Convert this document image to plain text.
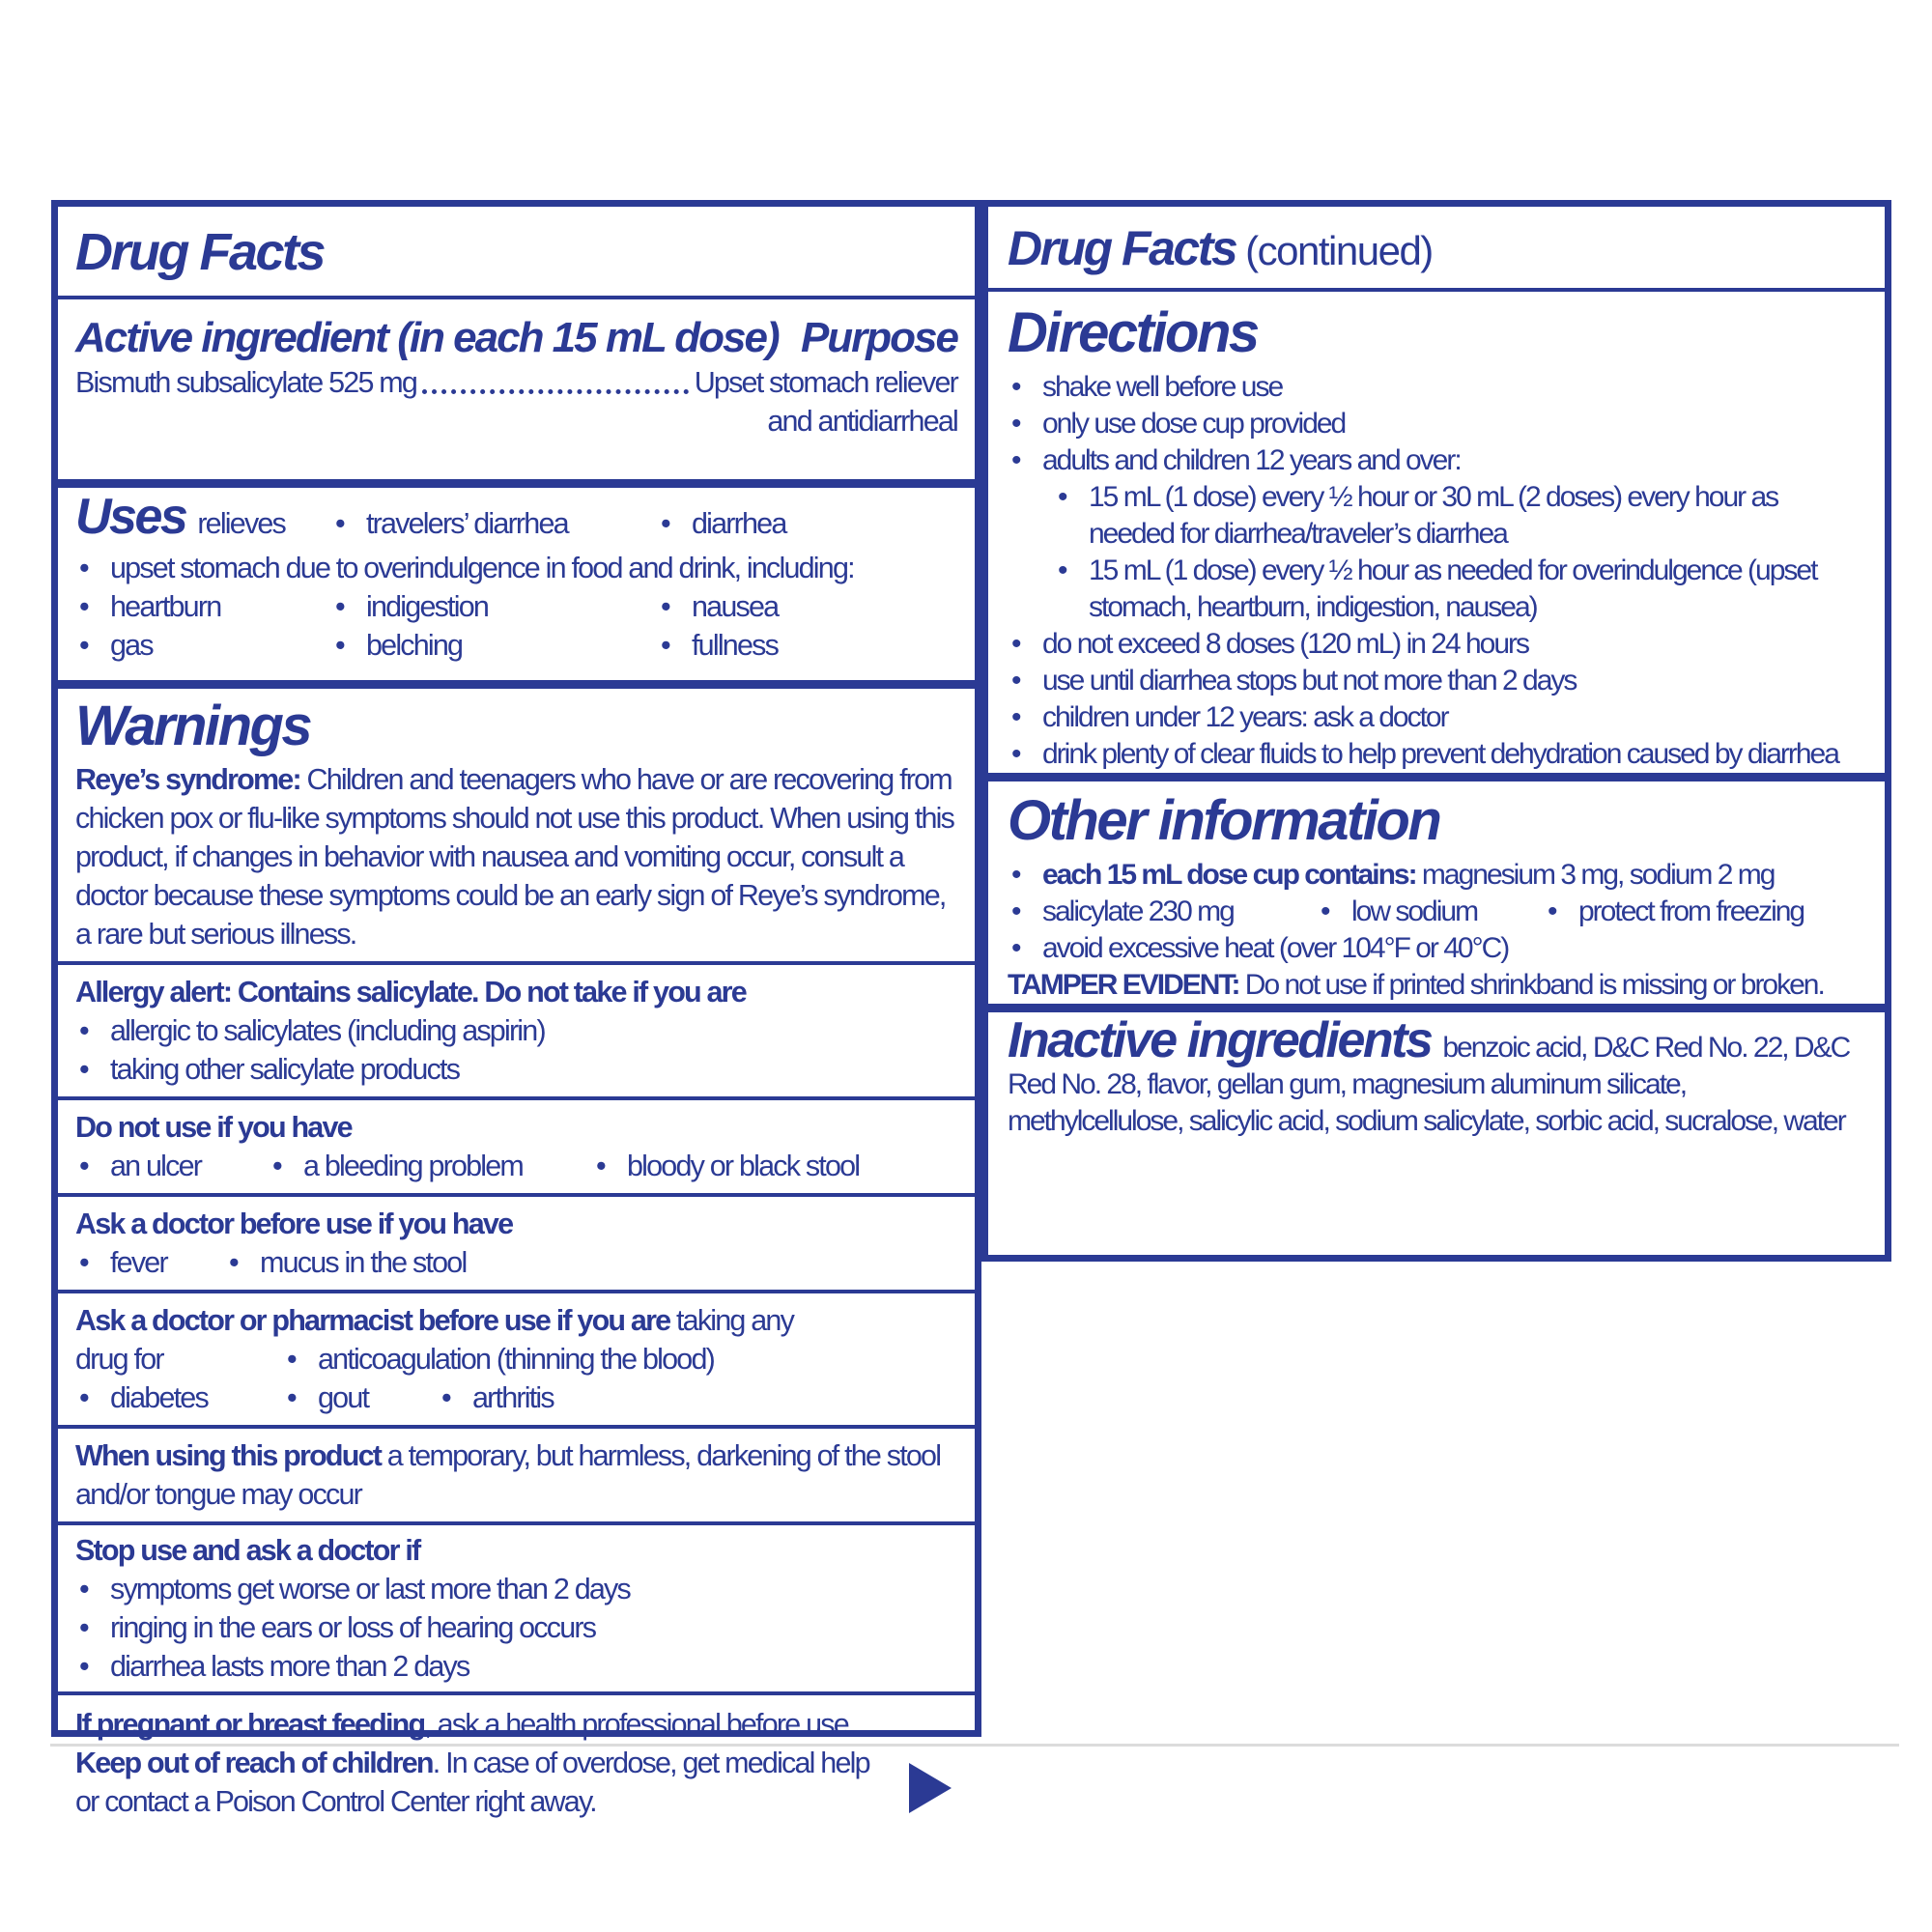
Drug Facts
Active ingredient (in each 15 mL dose) Purpose
Bismuth subsalicylate 525 mg	Upset stomach reliever
and antidiarrheal
Uses relieves	• travelers’ diarrhea	• diarrhea
• upset stomach due to overindulgence in food and drink, including:
• heartburn	• indigestion	• nausea
• gas	• belching	• fullness
Warnings

Reye’s syndrome: Children and teenagers who have or are recovering from chicken pox or flu-like symptoms should not use this product. When using this product, if changes in behavior with nausea and vomiting occur, consult a doctor because these symptoms could be an early sign of Reye’s syndrome, a rare but serious illness.

Allergy alert: Contains salicylate. Do not take if you are
• allergic to salicylates (including aspirin)
• taking other salicylate products
Do not use if you have
• an ulcer	• a bleeding problem	• bloody or black stool
Ask a doctor before use if you have
• fever	• mucus in the stool
Ask a doctor or pharmacist before use if you are taking any
drug for	• anticoagulation (thinning the blood)
• diabetes	• gout	• arthritis

When using this product a temporary, but harmless, darkening of the stool and/or tongue may occur

Stop use and ask a doctor if
• symptoms get worse or last more than 2 days
• ringing in the ears or loss of hearing occurs
• diarrhea lasts more than 2 days

If pregnant or breast feeding, ask a health professional before use. Keep out of reach of children. In case of overdose, get medical help or contact a Poison Control Center right away.

Drug Facts (continued)
Directions
• shake well before use
• only use dose cup provided
• adults and children 12 years and over:
• 15 mL (1 dose) every ½ hour or 30 mL (2 doses) every hour as needed for diarrhea/traveler’s diarrhea
• 15 mL (1 dose) every ½ hour as needed for overindulgence (upset stomach, heartburn, indigestion, nausea)
• do not exceed 8 doses (120 mL) in 24 hours
• use until diarrhea stops but not more than 2 days
• children under 12 years: ask a doctor
• drink plenty of clear fluids to help prevent dehydration caused by diarrhea
Other information
• each 15 mL dose cup contains: magnesium 3 mg, sodium 2 mg
• salicylate 230 mg	• low sodium	• protect from freezing
• avoid excessive heat (over 104°F or 40°C)

TAMPER EVIDENT: Do not use if printed shrinkband is missing or broken.

Inactive ingredients benzoic acid, D&C Red No. 22, D&C Red No. 28, flavor, gellan gum, magnesium aluminum silicate, methylcellulose, salicylic acid, sodium salicylate, sorbic acid, sucralose, water
